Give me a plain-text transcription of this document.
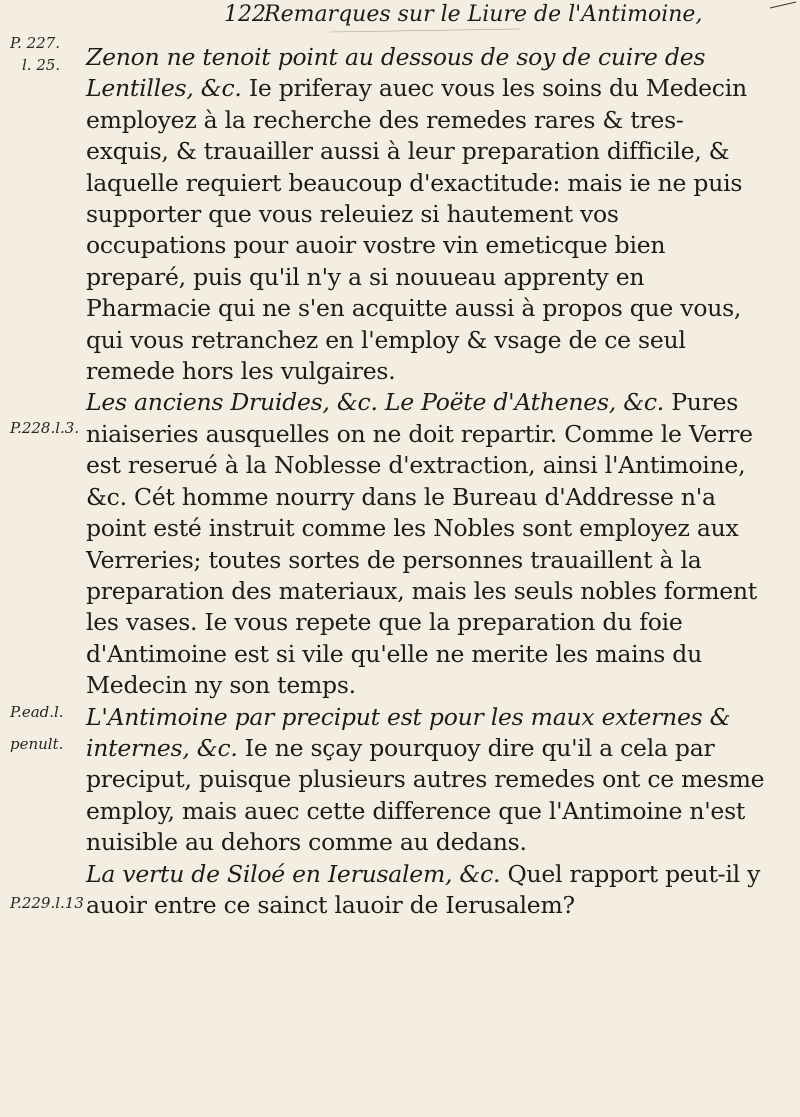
122
Remarques sur le Liure de l'Antimoine,
P. 227.
l. 25.
P.228.l.3.
P.ead.l.
penult.
P.229.l.13

Zenon ne tenoit point au dessous de soy de cuire des Lentilles, &c. Ie priferay auec vous les soins du Medecin employez à la recherche des remedes rares & tres-exquis, & trauailler aussi à leur preparation difficile, & laquelle requiert beaucoup d'exactitude: mais ie ne puis supporter que vous releuiez si hautement vos occupations pour auoir vostre vin emeticque bien preparé, puis qu'il n'y a si nouueau apprenty en Pharmacie qui ne s'en acquitte aussi à propos que vous, qui vous retranchez en l'employ & vsage de ce seul remede hors les vulgaires.

Les anciens Druides, &c. Le Poëte d'Athenes, &c. Pures niaiseries ausquelles on ne doit repartir. Comme le Verre est reserué à la Noblesse d'extraction, ainsi l'Antimoine, &c. Cét homme nourry dans le Bureau d'Addresse n'a point esté instruit comme les Nobles sont employez aux Verreries; toutes sortes de personnes trauaillent à la preparation des materiaux, mais les seuls nobles forment les vases. Ie vous repete que la preparation du foie d'Antimoine est si vile qu'elle ne merite les mains du Medecin ny son temps.

L'Antimoine par preciput est pour les maux externes & internes, &c. Ie ne sçay pourquoy dire qu'il a cela par preciput, puisque plusieurs autres remedes ont ce mesme employ, mais auec cette difference que l'Antimoine n'est nuisible au dehors comme au dedans.

La vertu de Siloé en Ierusalem, &c. Quel rapport peut-il y auoir entre ce sainct lauoir de Ierusalem?
